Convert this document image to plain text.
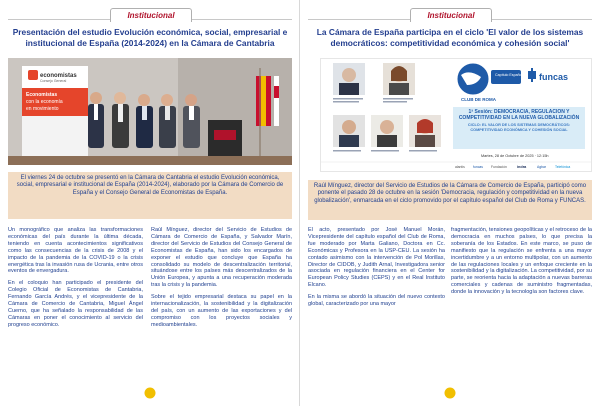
Institucional
Presentación del estudio Evolución económica, social, empresarial e institucional de España (2014-2024) en la Cámara de Cantabria
economistas
Consejo General
Economistas
con la economía
en movimiento
El viernes 24 de octubre se presentó en la Cámara de Cantabria el estudio Evolución económica, social, empresarial e institucional de España (2014-2024), elaborado por la Cámara de Comercio de España y el Consejo General de Economistas de España.

Un monográfico que analiza las transformaciones económicas del país durante la última década, teniendo en cuenta acontecimientos significativos como las consecuencias de la crisis de 2008 y el impacto de la pandemia de la COVID-19 o la crisis energética tras la invasión rusa de Ucrania, entre otros eventos de envergadura.

En el coloquio han participado el presidente del Colegio Oficial de Economistas de Cantabria, Fernando García Andrés, y el vicepresidente de la Cámara de Comercio de Cantabria, Miguel Ángel Cuerno, que ha señalado la responsabilidad de las Cámaras en poner el conocimiento al servicio del progreso económico.

Raúl Mínguez, director del Servicio de Estudios de Cámara de Comercio de España, y Salvador Marín, director del Servicio de Estudios del Consejo General de Economistas de España, han sido los encargados de exponer el estudio que concluye que España ha consolidado su modelo de descentralización territorial, situándose entre los países más descentralizados de la Unión Europea, y apunta a una recuperación moderada tras la crisis y la pandemia.

Sobre el tejido empresarial destaca su papel en la internacionalización, la sostenibilidad y la digitalización del país, con un aumento de las exportaciones y del compromiso con los proyectos sociales y medioambientales.

Institucional
La Cámara de España participa en el ciclo 'El valor de los sistemas democráticos: competitividad económica y cohesión social'
CLUB DE ROMA
Capítulo Español funcas
1ª Sesión: DEMOCRACIA, REGULACIÓN Y COMPETITIVIDAD EN LA NUEVA GLOBALIZACIÓN
CICLO: EL VALOR DE LOS SISTEMAS DEMOCRÁTICOS: COMPETITIVIDAD ECONÓMICA Y COHESIÓN SOCIAL
Martes, 28 de Octubre de 2025 · 12:15h
alantis funcas Fundación	indra	Agbar	Telefónica
Raúl Mínguez, director del Servicio de Estudios de la Cámara de Comercio de España, participó como ponente el pasado 28 de octubre en la sesión 'Democracia, regulación y competitividad en la nueva globalización', enmarcada en el ciclo promovido por el capítulo español del Club de Roma y FUNCAS.

El acto, presentado por José Manuel Morán, Vicepresidente del capítulo español del Club de Roma, fue moderado por Marta Galiano, Doctora en Cc. Económicas y Profesora en la USP-CEU. La sesión ha contado asimismo con la intervención de Pol Morillas, Director de CIDOB, y Judith Arnal, Investigadora senior asociada en regulación financiera en el Center for European Policy Studies (CEPS) y en el Real Instituto Elcano.

En la misma se abordó la situación del nuevo contexto global, caracterizado por una mayor

fragmentación, tensiones geopolíticas y el retroceso de la democracia en muchos países, lo que precisa la soberanía de los Estados. En este marco, se puso de manifiesto que la regulación se enfrenta a una mayor incertidumbre y a un entorno multipolar, con un aumento de las regulaciones locales y un enfoque creciente en la sostenibilidad y la digitalización. La competitividad, por su parte, se reorienta hacia la adaptación a nuevas barreras comerciales y cadenas de suministro fragmentadas, donde la innovación y la tecnología son factores clave.
